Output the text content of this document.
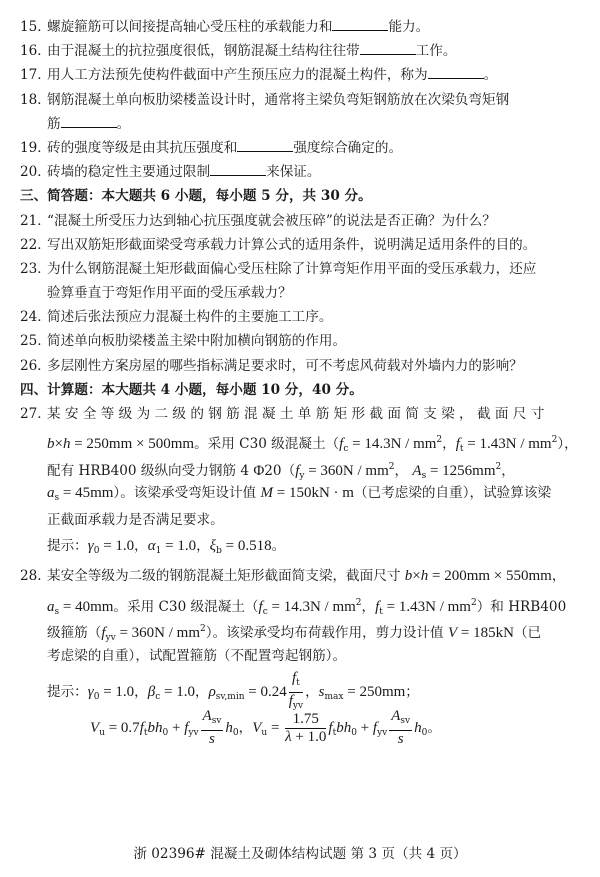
15．
螺旋箍筋可以间接提高轴心受压柱的承载能力和	能力。
16．
由于混凝土的抗拉强度很低，钢筋混凝土结构往往带	工作。
17．
用人工方法预先使构件截面中产生预压应力的混凝土构件，称为	。
18．
钢筋混凝土单向板肋梁楼盖设计时，通常将主梁负弯矩钢筋放在次梁负弯矩钢
筋	。
19．
砖的强度等级是由其抗压强度和	强度综合确定的。
20．
砖墙的稳定性主要通过限制	来保证。
三、简答题：本大题共 6 小题，每小题 5 分，共 30 分。
21．
“混凝土所受压力达到轴心抗压强度就会被压碎”的说法是否正确？为什么？
22．
写出双筋矩形截面梁受弯承载力计算公式的适用条件，说明满足适用条件的目的。
23．
为什么钢筋混凝土矩形截面偏心受压柱除了计算弯矩作用平面的受压承载力，还应
验算垂直于弯矩作用平面的受压承载力？
24．
简述后张法预应力混凝土构件的主要施工工序。
25．
简述单向板肋梁楼盖主梁中附加横向钢筋的作用。
26．
多层刚性方案房屋的哪些指标满足要求时，可不考虑风荷载对外墙内力的影响？
四、计算题：本大题共 4 小题，每小题 10 分，40 分。
27．
某 安 全 等 级 为 二 级 的 钢 筋 混 凝 土 单 筋 矩 形 截 面 简 支 梁 ， 截 面 尺 寸
b×h = 250mm × 500mm。采用 C30 级混凝土（$f_c = 14.3N / mm^2$，$f_t = 1.43N / mm^2$），
配有 HRB400 级纵向受力钢筋 4 $\Phi 20(f_y = 360N / mm^2$， $A_s = 1256mm^2$，
$a_s = 45mm$）。该梁承受弯矩设计值 M = 150kN · m（已考虑梁的自重），试验算该梁
正截面承载力是否满足要求。
提示：$\gamma_0 = 1.0$，$\alpha_1 = 1.0$，$\xi_b = 0.518$。
28. 某安全等级为二级的钢筋混凝土矩形截面简支梁，截面尺寸 b×h = 200mm × 550mm，
$a_s = 40mm$。采用 C30 级混凝土（$f_c = 14.3N / mm^2$，$f_t = 1.43N / mm^2$）和 HRB400
级箍筋$(f_{yv} = 360N / mm^2)$。该梁承受均布荷载作用，剪力设计值 V = 185kN（已
考虑梁的自重），试配置箍筋（不配置弯起钢筋）。
提示：$\gamma_0 = 1.0$，$\beta_c = 1.0$，$\rho_{sv,min} = 0.24 \frac{f_t}{f_{yv}}$ ，$s_{max} = 250mm$；
$V_u = 0.7f_tbh_0 + f_{yv} \frac{A_{sv}}{s} h_0$，$V_u = \frac{1.75}{\lambda + 1.0} f_tbh_0 + f_{yv} \frac{A_{sv}}{s} h_0$。
浙 02396# 混凝土及砌体结构试题 第 3 页（共 4 页）
